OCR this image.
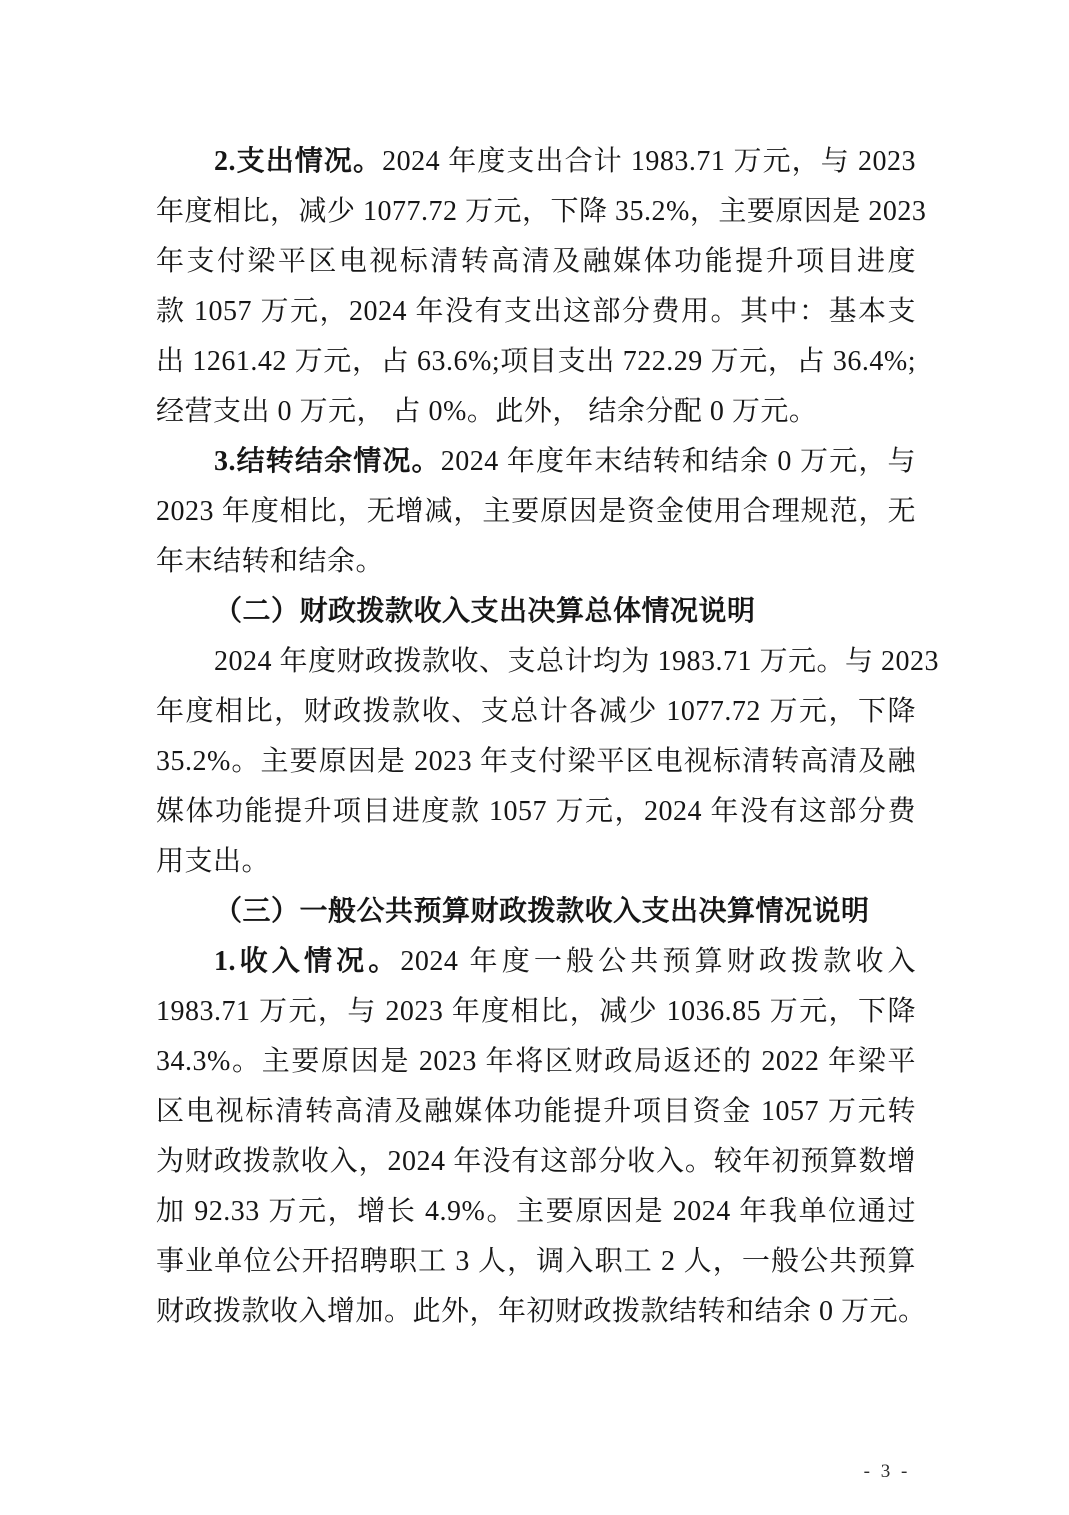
2.支出情况。2024 年度支出合计 1983.71 万元，与 2023
年度相比，减少 1077.72 万元，下降 35.2%，主要原因是 2023
年支付梁平区电视标清转高清及融媒体功能提升项目进度
款 1057 万元，2024 年没有支出这部分费用。其中：基本支
出 1261.42 万元，占 63.6%;项目支出 722.29 万元，占 36.4%;
经营支出 0 万元， 占 0%。此外， 结余分配 0 万元。
3.结转结余情况。2024 年度年末结转和结余 0 万元，与
2023 年度相比，无增减，主要原因是资金使用合理规范，无
年末结转和结余。
（二）财政拨款收入支出决算总体情况说明
2024 年度财政拨款收、支总计均为 1983.71 万元。与 2023
年度相比，财政拨款收、支总计各减少 1077.72 万元，下降
35.2%。主要原因是 2023 年支付梁平区电视标清转高清及融
媒体功能提升项目进度款 1057 万元，2024 年没有这部分费
用支出。
（三）一般公共预算财政拨款收入支出决算情况说明
1.收入情况。2024 年度一般公共预算财政拨款收入
1983.71 万元，与 2023 年度相比，减少 1036.85 万元，下降
34.3%。主要原因是 2023 年将区财政局返还的 2022 年梁平
区电视标清转高清及融媒体功能提升项目资金 1057 万元转
为财政拨款收入，2024 年没有这部分收入。较年初预算数增
加 92.33 万元，增长 4.9%。主要原因是 2024 年我单位通过
事业单位公开招聘职工 3 人，调入职工 2 人，一般公共预算
财政拨款收入增加。此外，年初财政拨款结转和结余 0 万元。
- 3 -
